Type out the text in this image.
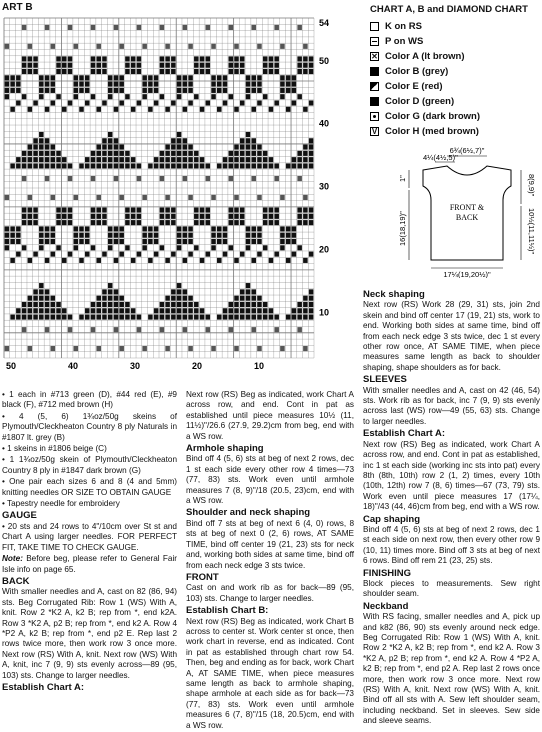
ART B
54
50
40
30
20
10
50	40	30	20	10
CHART A, B and DIAMOND CHART
K on RS
P on WS
✕ Color A (lt brown)
Color B (grey)
Color E (red)
Color D (green)
Color G (dark brown)
V Color H (med brown)
FRONT &
BACK
6¾(6½,7)"
4¼(4½,5)"
1"
16(18,19)"
8(9,9)"
10½(11,11½)"
17¼(19,20½)"

• 1 each in #713 green (D), #44 red (E), #9 black (F), #712 med brown (H)

• 4 (5, 6) 1¾oz/50g skeins of Plymouth/Cleckheaton Country 8 ply Naturals in #1807 lt. grey (B)

• 1 skeins in #1806 beige (C)

• 1 1¾oz/50g skein of Plymouth/Cleckheaton Country 8 ply in #1847 dark brown (G)

• One pair each sizes 6 and 8 (4 and 5mm) knitting needles OR SIZE TO OBTAIN GAUGE

• Tapestry needle for embroidery

GAUGE

• 20 sts and 24 rows to 4"/10cm over St st and Chart A using larger needles. FOR PERFECT FIT, TAKE TIME TO CHECK GAUGE.

Note: Before beg, please refer to General Fair Isle info on page 65.

BACK

With smaller needles and A, cast on 82 (86, 94) sts. Beg Corrugated Rib: Row 1 (WS) With A, knit. Row 2 *K2 A, k2 B; rep from *, end k2A. Row 3 *K2 A, p2 B; rep from *, end k2 A. Row 4 *P2 A, k2 B; rep from *, end p2 E. Rep last 2 rows twice more, then work row 3 once more. Next row (RS) With A, knit. Next row (WS) With A, knit, inc 7 (9, 9) sts evenly across—89 (95, 103) sts. Change to larger needles.

Establish Chart A:

Next row (RS) Beg as indicated, work Chart A across row, and end. Cont in pat as established until piece measures 10½ (11, 11½)"/26.6 (27.9, 29.2)cm from beg, end with a WS row.

Armhole shaping

Bind off 4 (5, 6) sts at beg of next 2 rows, dec 1 st each side every other row 4 times—73 (77, 83) sts. Work even until armhole measures 7 (8, 9)"/18 (20.5, 23)cm, end with a WS row.

Shoulder and neck shaping

Bind off 7 sts at beg of next 6 (4, 0) rows, 8 sts at beg of next 0 (2, 6) rows, AT SAME TIME, bind off center 19 (21, 23) sts for neck and, working both sides at same time, bind off from each neck edge 3 sts twice.

FRONT

Cast on and work rib as for back—89 (95, 103) sts. Change to larger needles.

Establish Chart B:

Next row (RS) Beg as indicated, work Chart B across to center st. Work center st once, then work chart in reverse, end as indicated. Cont in pat as established through chart row 54. Then, beg and ending as for back, work Chart A, AT SAME TIME, when piece measures same length as back to armhole shaping, shape armhole at each side as for back—73 (77, 83) sts. Work even until armhole measures 6 (7, 8)"/15 (18, 20.5)cm, end with a WS row.

Neck shaping

Next row (RS) Work 28 (29, 31) sts, join 2nd skein and bind off center 17 (19, 21) sts, work to end. Working both sides at same time, bind off from each neck edge 3 sts twice, dec 1 st every other row once, AT SAME TIME, when piece measures same length as back to shoulder shaping, shape shoulders as for back.

SLEEVES

With smaller needles and A, cast on 42 (46, 54) sts. Work rib as for back, inc 7 (9, 9) sts evenly across last (WS) row—49 (55, 63) sts. Change to larger needles.

Establish Chart A:

Next row (RS) Beg as indicated, work Chart A across row, and end. Cont in pat as established, inc 1 st each side (working inc sts into pat) every 8th (8th, 10th) row 2 (1, 2) times, every 10th (10th, 12th) row 7 (8, 6) times—67 (73, 79) sts. Work even until piece measures 17 (17¼, 18)"/43 (44, 46)cm from beg, end with a WS row.

Cap shaping

Bind off 4 (5, 6) sts at beg of next 2 rows, dec 1 st each side on next row, then every other row 9 (10, 11) times more. Bind off 3 sts at beg of next 6 rows. Bind off rem 21 (23, 25) sts.

FINISHING

Block pieces to measurements. Sew right shoulder seam.

Neckband

With RS facing, smaller needles and A, pick up and k82 (86, 90) sts evenly around neck edge. Beg Corrugated Rib: Row 1 (WS) With A, knit. Row 2 *K2 A, k2 B; rep from *, end k2 A. Row 3 *K2 A, p2 B; rep from *, end k2 A. Row 4 *P2 A, k2 B; rep from *, end p2 A. Rep last 2 rows once more, then work row 3 once more. Next row (RS) With A, knit. Next row (WS) With A, knit. Bind off all sts with A. Sew left shoulder seam, including neckband. Set in sleeves. Sew side and sleeve seams.
